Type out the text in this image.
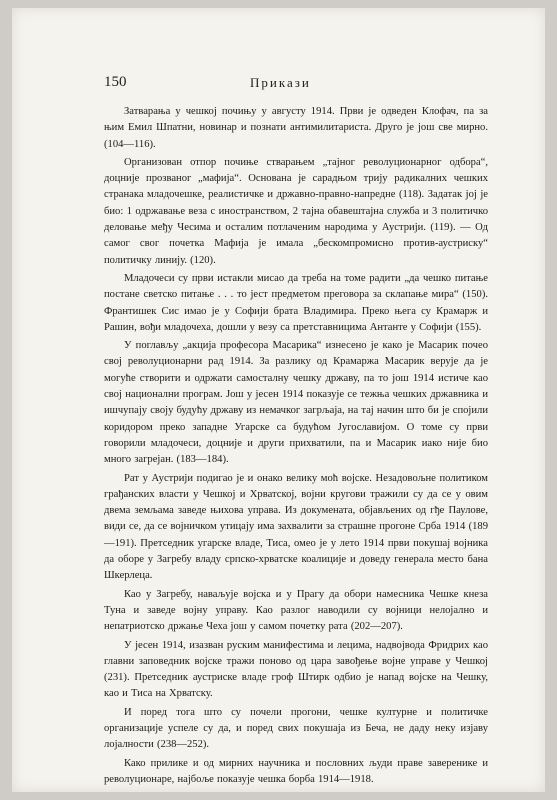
150	Прикази

Затварања у чешкој почињу у августу 1914. Први је одведен Клофач, па за њим Емил Шпатни, новинар и познати антимилитариста. Друго је још све мирно. (104—116).

Организован отпор почиње стварањем „тајног револуционарног одбора“, доцније прозваног „мафија“. Основана је сарадњом трију радикалних чешких странака младочешке, реалистичке и државно-правно-напредне (118). Задатак јој је био: 1 одржавање веза с иностранством, 2 тајна обавештајна служба и 3 политичко деловање међу Чесима и осталим потлаченим народима у Аустрији. (119). — Од самог свог почетка Мафија је имала „бескомпромисно против-аустриску“ политичку линију. (120).

Младочеси су први истакли мисао да треба на томе радити „да чешко питање постане светско питање . . . то јест предметом преговора за склапање мира“ (150). Франтишек Сис имао је у Софији брата Владимира. Преко њега су Крамарж и Рашин, вођи младочеха, дошли у везу са претставницима Антанте у Софији (155).

У поглављу „акција професора Масарика“ изнесено је како је Масарик почео свој револуционарни рад 1914. За разлику од Крамаржа Масарик верује да је могуће створити и одржати самосталну чешку државу, па то још 1914 истиче као свој национални програм. Још у јесен 1914 показује се тежња чешких државника и ишчупају своју будућу државу из немачког загрљаја, на тај начин што би је спојили коридором преко западне Угарске са будућом Југославијом. О томе су први говорили младочеси, доцније и други прихватили, па и Масарик иако није био много загрејан. (183—184).

Рат у Аустрији подигао је и онако велику моћ војске. Незадовољне политиком грађанских власти у Чешкој и Хрватској, војни кругови тражили су да се у овим двема земљама заведе њихова управа. Из докумената, објављених од гђе Паулове, види се, да се војничком утицају има захвалити за страшне прогоне Срба 1914 (189—191). Претседник угарске владе, Тиса, омео је у лето 1914 први покушај војника да оборе у Загребу владу српско-хрватске коалиције и доведу генерала место бана Шкерлеца.

Као у Загребу, наваљује војска и у Прагу да обори намесника Чешке кнеза Туна и заведе војну управу. Као разлог наводили су војници нелојално и непатриотско држање Чеха још у самом почетку рата (202—207).

У јесен 1914, изазван руским манифестима и лецима, надвојвода Фридрих као главни заповедник војске тражи поново од цара завођење војне управе у Чешкој (231). Претседник аустриске владе гроф Штирк одбио је напад војске на Чешку, као и Тиса на Хрватску.

И поред тога што су почели прогони, чешке културне и политичке организације успеле су да, и поред свих покушаја из Беча, не даду неку изјаву лојалности (238—252).

Како прилике и од мирних научника и пословних људи праве заверенике и револуционаре, најбоље показује чешка борба 1914—1918.
